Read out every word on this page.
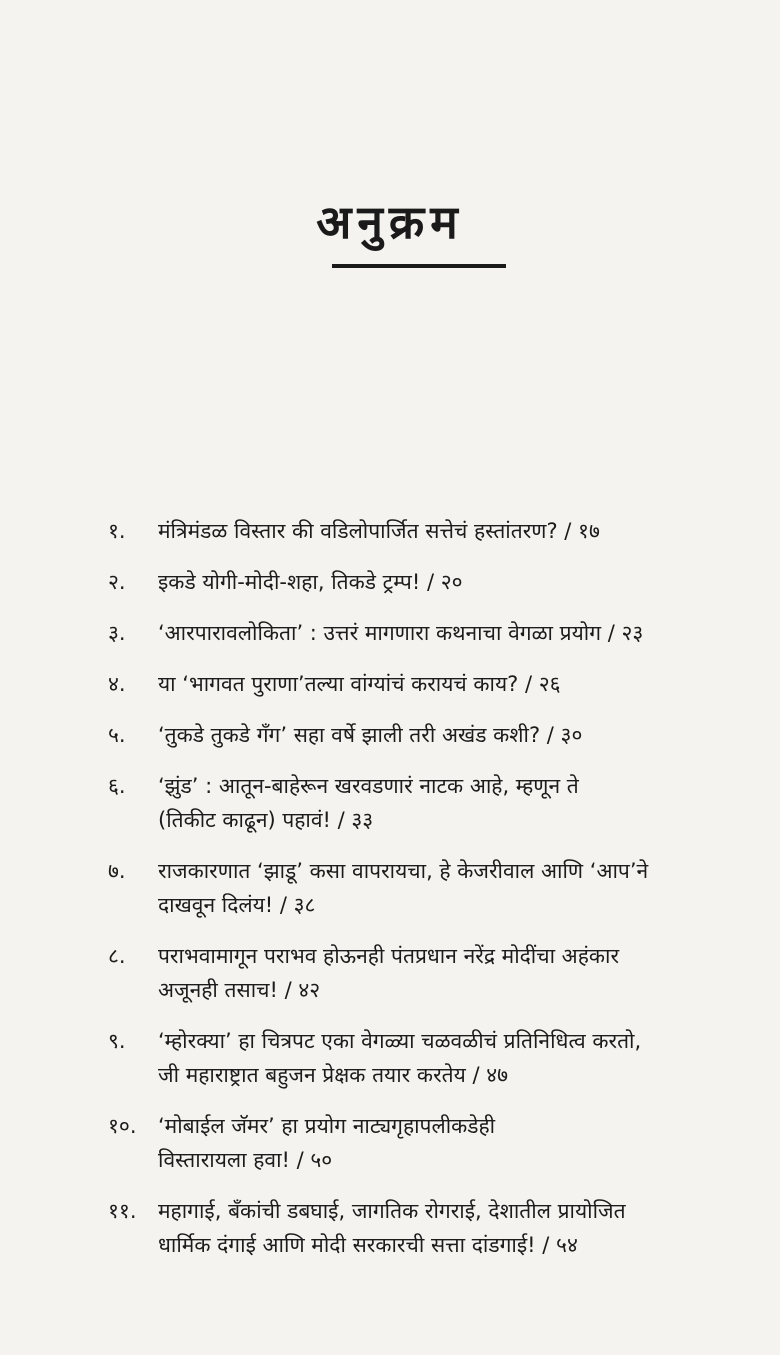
अनुक्रम
१. मंत्रिमंडळ विस्तार की वडिलोपार्जित सत्तेचं हस्तांतरण? / १७
२. इकडे योगी-मोदी-शहा, तिकडे ट्रम्प! / २०
३. ‘आरपारावलोकिता’ : उत्तरं मागणारा कथनाचा वेगळा प्रयोग / २३
४. या ‘भागवत पुराणा’तल्या वांग्यांचं करायचं काय? / २६
५. ‘तुकडे तुकडे गँग’ सहा वर्षे झाली तरी अखंड कशी? / ३०
६. ‘झुंड’ : आतून-बाहेरून खरवडणारं नाटक आहे, म्हणून ते
(तिकीट काढून) पहावं! / ३३
७. राजकारणात ‘झाडू’ कसा वापरायचा, हे केजरीवाल आणि ‘आप’ने
दाखवून दिलंय! / ३८
८. पराभवामागून पराभव होऊनही पंतप्रधान नरेंद्र मोदींचा अहंकार
अजूनही तसाच! / ४२
९. ‘म्होरक्या’ हा चित्रपट एका वेगळ्या चळवळीचं प्रतिनिधित्व करतो,
जी महाराष्ट्रात बहुजन प्रेक्षक तयार करतेय / ४७
१०. ‘मोबाईल जॅमर’ हा प्रयोग नाट्यगृहापलीकडेही
विस्तारायला हवा! / ५०
११. महागाई, बँकांची डबघाई, जागतिक रोगराई, देशातील प्रायोजित
धार्मिक दंगाई आणि मोदी सरकारची सत्ता दांडगाई! / ५४
